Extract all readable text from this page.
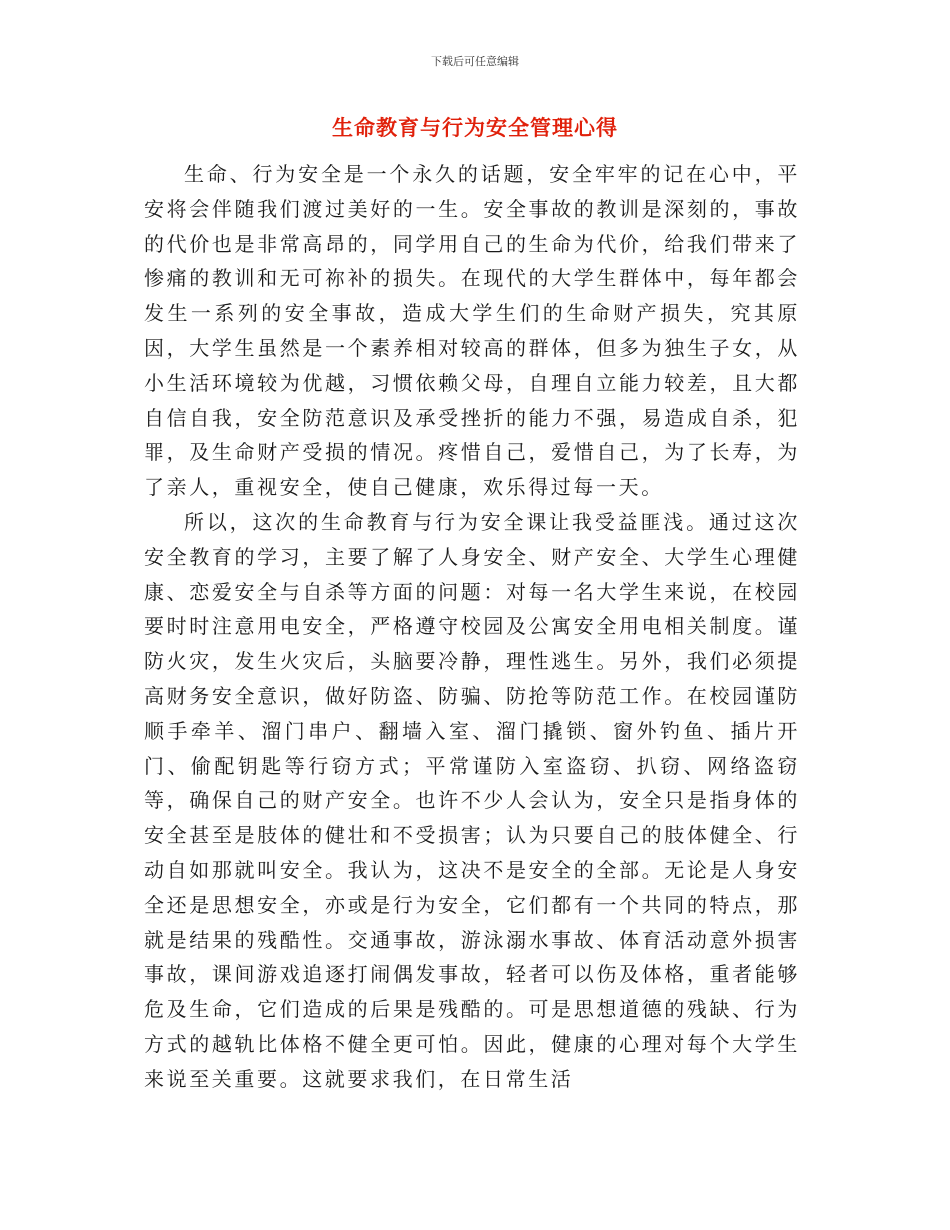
下载后可任意编辑
生命教育与行为安全管理心得

生命、行为安全是一个永久的话题，安全牢牢的记在心中，平安将会伴随我们渡过美好的一生。安全事故的教训是深刻的，事故的代价也是非常高昂的，同学用自己的生命为代价，给我们带来了惨痛的教训和无可祢补的损失。在现代的大学生群体中，每年都会发生一系列的安全事故，造成大学生们的生命财产损失，究其原因，大学生虽然是一个素养相对较高的群体，但多为独生子女，从小生活环境较为优越，习惯依赖父母，自理自立能力较差，且大都自信自我，安全防范意识及承受挫折的能力不强，易造成自杀，犯罪，及生命财产受损的情况。疼惜自己，爱惜自己，为了长寿，为了亲人，重视安全，使自己健康，欢乐得过每一天。

所以，这次的生命教育与行为安全课让我受益匪浅。通过这次安全教育的学习，主要了解了人身安全、财产安全、大学生心理健康、恋爱安全与自杀等方面的问题：对每一名大学生来说，在校园要时时注意用电安全，严格遵守校园及公寓安全用电相关制度。谨防火灾，发生火灾后，头脑要冷静，理性逃生。另外，我们必须提高财务安全意识，做好防盗、防骗、防抢等防范工作。在校园谨防顺手牵羊、溜门串户、翻墙入室、溜门撬锁、窗外钓鱼、插片开门、偷配钥匙等行窃方式；平常谨防入室盗窃、扒窃、网络盗窃等，确保自己的财产安全。也许不少人会认为，安全只是指身体的安全甚至是肢体的健壮和不受损害；认为只要自己的肢体健全、行动自如那就叫安全。我认为，这决不是安全的全部。无论是人身安全还是思想安全，亦或是行为安全，它们都有一个共同的特点，那就是结果的残酷性。交通事故，游泳溺水事故、体育活动意外损害事故，课间游戏追逐打闹偶发事故，轻者可以伤及体格，重者能够危及生命，它们造成的后果是残酷的。可是思想道德的残缺、行为方式的越轨比体格不健全更可怕。因此，健康的心理对每个大学生来说至关重要。这就要求我们，在日常生活
